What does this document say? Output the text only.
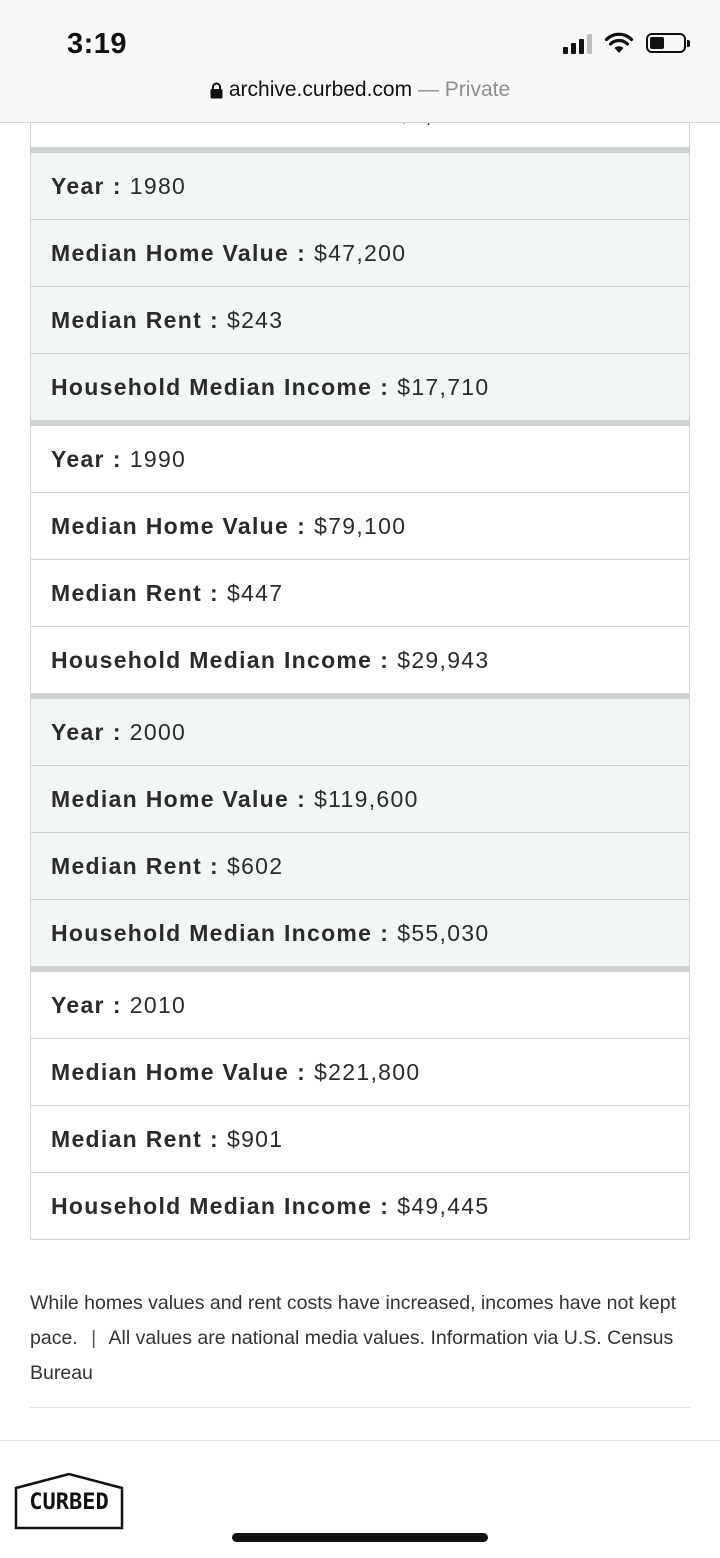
3:19
archive.curbed.com — Private
Year : 1980
Median Home Value : $47,200
Median Rent : $243
Household Median Income : $17,710
Year : 1990
Median Home Value : $79,100
Median Rent : $447
Household Median Income : $29,943
Year : 2000
Median Home Value : $119,600
Median Rent : $602
Household Median Income : $55,030
Year : 2010
Median Home Value : $221,800
Median Rent : $901
Household Median Income : $49,445
While homes values and rent costs have increased, incomes have not kept pace. | All values are national media values. Information via U.S. Census Bureau
CURBED
